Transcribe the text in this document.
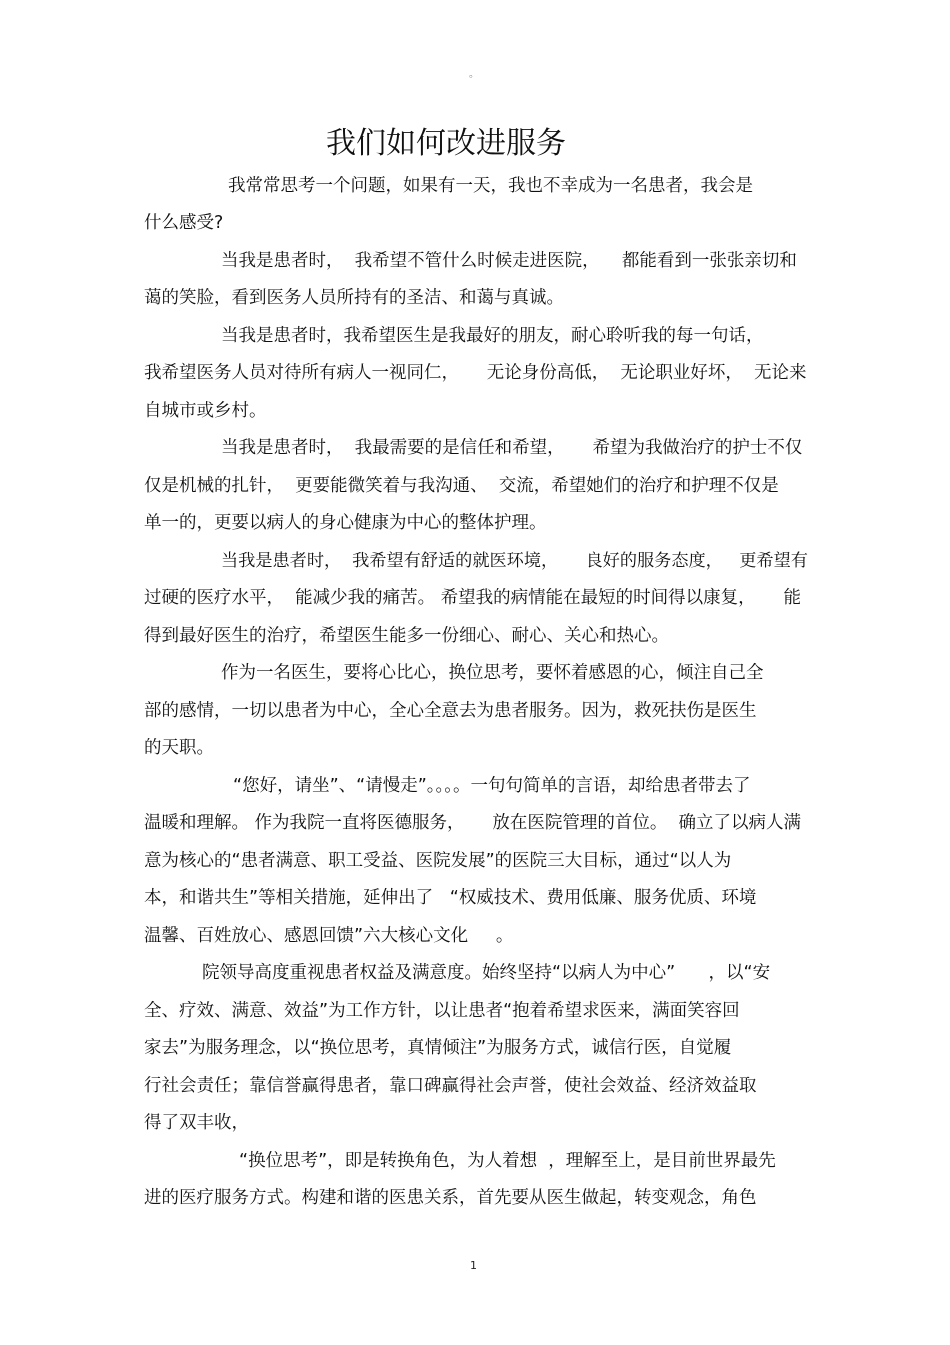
。
我们如何改进服务
我常常思考一个问题，如果有一天，我也不幸成为一名患者，我会是
什么感受?
当我是患者时，  我希望不管什么时候走进医院，    都能看到一张张亲切和
蔼的笑脸，看到医务人员所持有的圣洁、和蔼与真诚。
当我是患者时，我希望医生是我最好的朋友，耐心聆听我的每一句话，
我希望医务人员对待所有病人一视同仁，     无论身份高低，  无论职业好坏，  无论来
自城市或乡村。
当我是患者时，  我最需要的是信任和希望，     希望为我做治疗的护士不仅
仅是机械的扎针，  更要能微笑着与我沟通、  交流，希望她们的治疗和护理不仅是
单一的，更要以病人的身心健康为中心的整体护理。
当我是患者时，  我希望有舒适的就医环境，     良好的服务态度，   更希望有
过硬的医疗水平，  能减少我的痛苦。 希望我的病情能在最短的时间得以康复，     能
得到最好医生的治疗，希望医生能多一份细心、耐心、关心和热心。
作为一名医生，要将心比心，换位思考，要怀着感恩的心，倾注自己全
部的感情，一切以患者为中心，全心全意去为患者服务。因为，救死扶伤是医生
的天职。
“您好，请坐”、“请慢走”。。。。一句句简单的言语，却给患者带去了
温暖和理解。 作为我院一直将医德服务，     放在医院管理的首位。  确立了以病人满
意为核心的“患者满意、职工受益、医院发展”的医院三大目标，通过“以人为
本，和谐共生”等相关措施，延伸出了   “权威技术、费用低廉、服务优质、环境
温馨、百姓放心、感恩回馈”六大核心文化     。
院领导高度重视患者权益及满意度。始终坚持“以病人为中心”      ，以“安
全、疗效、满意、效益”为工作方针，以让患者“抱着希望求医来，满面笑容回
家去”为服务理念，以“换位思考，真情倾注”为服务方式，诚信行医，自觉履
行社会责任；靠信誉赢得患者，靠口碑赢得社会声誉，使社会效益、经济效益取
得了双丰收，
“换位思考”，即是转换角色，为人着想  ，理解至上，是目前世界最先
进的医疗服务方式。构建和谐的医患关系，首先要从医生做起，转变观念，角色
1
